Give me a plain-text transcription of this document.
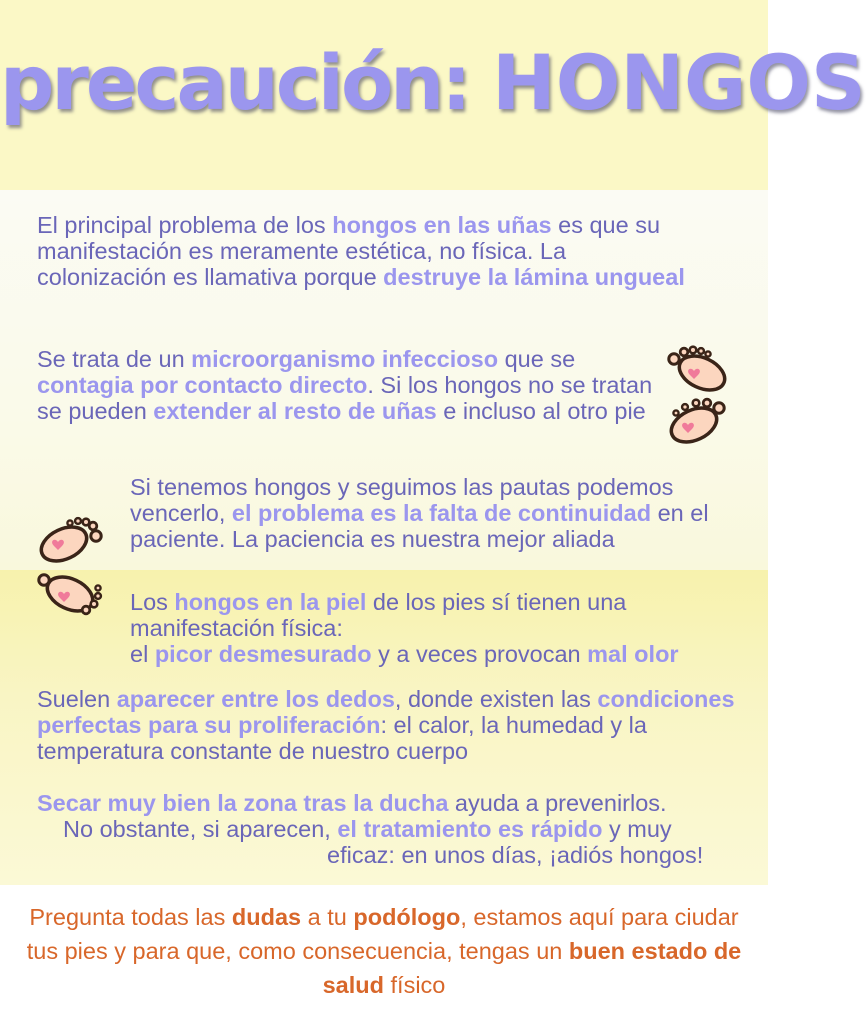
precaución: HONGOS

El principal problema de los hongos en las uñas es que su manifestación es meramente estética, no física. La colonización es llamativa porque destruye la lámina ungueal

Se trata de un microorganismo infeccioso que se contagia por contacto directo. Si los hongos no se tratan se pueden extender al resto de uñas e incluso al otro pie

Si tenemos hongos y seguimos las pautas podemos vencerlo, el problema es la falta de continuidad en el paciente. La paciencia es nuestra mejor aliada

Los hongos en la piel de los pies sí tienen una manifestación física:
el picor desmesurado y a veces provocan mal olor

Suelen aparecer entre los dedos, donde existen las condiciones perfectas para su proliferación: el calor, la humedad y la temperatura constante de nuestro cuerpo

Secar muy bien la zona tras la ducha ayuda a prevenirlos.
No obstante, si aparecen, el tratamiento es rápido y muy
eficaz: en unos días, ¡adiós hongos!

Pregunta todas las dudas a tu podólogo, estamos aquí para ciudar tus pies y para que, como consecuencia, tengas un buen estado de salud físico
